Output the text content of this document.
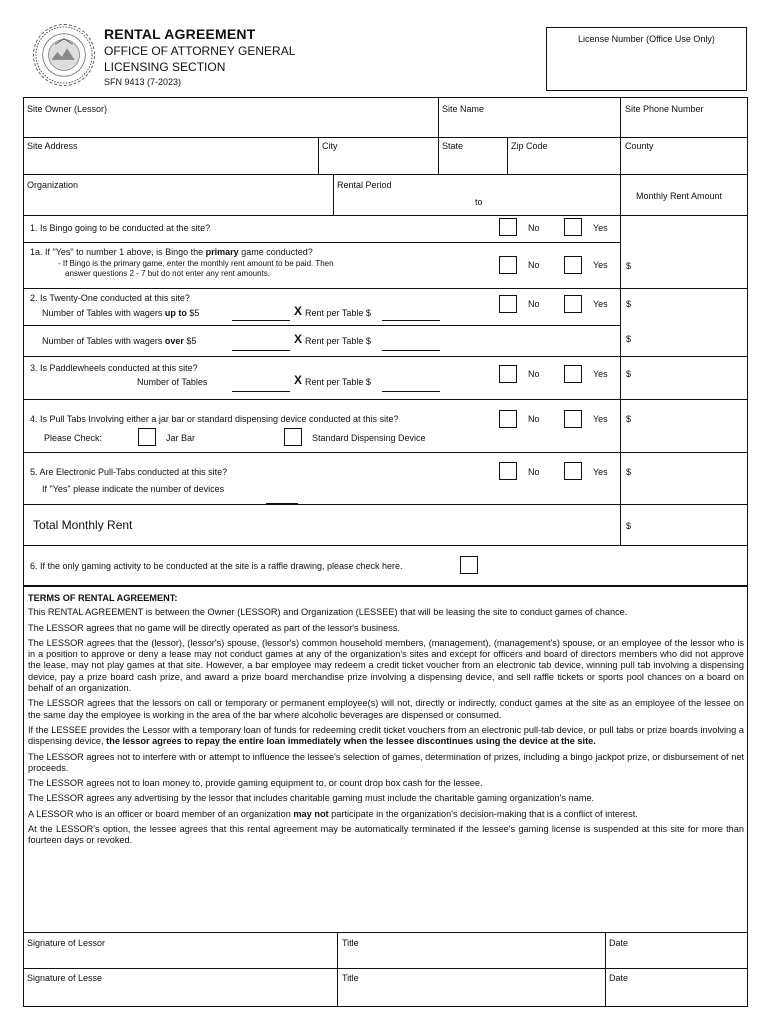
RENTAL AGREEMENT
OFFICE OF ATTORNEY GENERAL
LICENSING SECTION
SFN 9413 (7-2023)
License Number (Office Use Only)
Site Owner (Lessor)	Site Name	Site Phone Number
Site Address	City	State	Zip Code	County
Organization	Rental Period
to
Monthly Rent Amount
1. Is Bingo going to be conducted at the site?	No	Yes
1a. If "Yes" to number 1 above, is Bingo the primary game conducted?
- If Bingo is the primary game, enter the monthly rent amount to be paid. Then
answer questions 2 - 7 but do not enter any rent amounts.
No	Yes $
2. Is Twenty-One conducted at this site?
Number of Tables with wagers up to $5	X Rent per Table $
No	Yes $
Number of Tables with wagers over $5	X Rent per Table $	$
3. Is Paddlewheels conducted at this site?
Number of Tables	X Rent per Table $
No	Yes $
4. Is Pull Tabs Involving either a jar bar or standard dispensing device conducted at this site?
Please Check:	Jar Bar	Standard Dispensing Device
No	Yes $
5. Are Electronic Pull-Tabs conducted at this site?
If "Yes" please indicate the number of devices
No	Yes $
Total Monthly Rent	$
6. If the only gaming activity to be conducted at the site is a raffle drawing, please check here.

TERMS OF RENTAL AGREEMENT:

This RENTAL AGREEMENT is between the Owner (LESSOR) and Organization (LESSEE) that will be leasing the site to conduct games of chance.

The LESSOR agrees that no game will be directly operated as part of the lessor's business.

The LESSOR agrees that the (lessor), (lessor's) spouse, (lessor's) common household members, (management), (management's) spouse, or an employee of the lessor who is in a position to approve or deny a lease may not conduct games at any of the organization's sites and except for officers and board of directors members who did not approve the lease, may not play games at that site. However, a bar employee may redeem a credit ticket voucher from an electronic tab device, winning pull tab involving a dispensing device, pay a prize board cash prize, and award a prize board merchandise prize involving a dispensing device, and sell raffle tickets or sports pool chances on a board on behalf of an organization.

The LESSOR agrees that the lessors on call or temporary or permanent employee(s) will not, directly or indirectly, conduct games at the site as an employee of the lessee on the same day the employee is working in the area of the bar where alcoholic beverages are dispensed or consumed.

If the LESSEE provides the Lessor with a temporary loan of funds for redeeming credit ticket vouchers from an electronic pull-tab device, or pull tabs or prize boards involving a dispensing device, the lessor agrees to repay the entire loan immediately when the lessee discontinues using the device at the site.

The LESSOR agrees not to interfere with or attempt to influence the lessee's selection of games, determination of prizes, including a bingo jackpot prize, or disbursement of net proceeds.

The LESSOR agrees not to loan money to, provide gaming equipment to, or count drop box cash for the lessee.

The LESSOR agrees any advertising by the lessor that includes charitable gaming must include the charitable gaming organization's name.

A LESSOR who is an officer or board member of an organization may not participate in the organization's decision-making that is a conflict of interest.

At the LESSOR's option, the lessee agrees that this rental agreement may be automatically terminated if the lessee's gaming license is suspended at this site for more than fourteen days or revoked.

Signature of Lessor	Title	Date
Signature of Lesse	Title	Date
